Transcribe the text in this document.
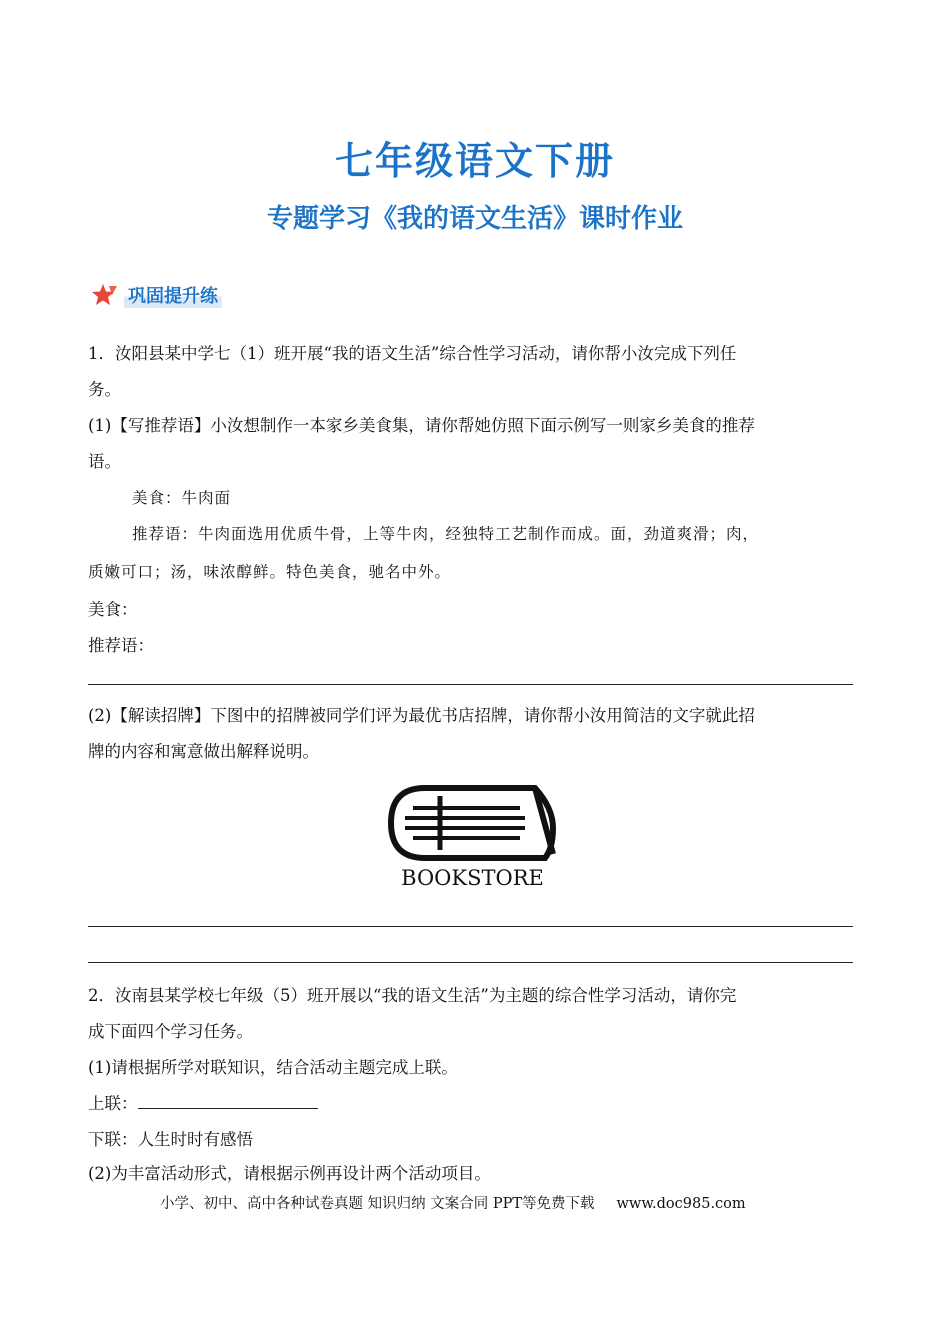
七年级语文下册
专题学习《我的语文生活》课时作业
巩固提升练
1．汝阳县某中学七（1）班开展“我的语文生活”综合性学习活动，请你帮小汝完成下列任
务。
(1)【写推荐语】小汝想制作一本家乡美食集，请你帮她仿照下面示例写一则家乡美食的推荐
语。
美食：牛肉面
推荐语：牛肉面选用优质牛骨，上等牛肉，经独特工艺制作而成。面，劲道爽滑；肉，
质嫩可口；汤，味浓醇鲜。特色美食，驰名中外。
美食：
推荐语：
(2)【解读招牌】下图中的招牌被同学们评为最优书店招牌，请你帮小汝用简洁的文字就此招
牌的内容和寓意做出解释说明。
BOOKSTORE
2．汝南县某学校七年级（5）班开展以“我的语文生活”为主题的综合性学习活动，请你完
成下面四个学习任务。
(1)请根据所学对联知识，结合活动主题完成上联。
上联：
下联：人生时时有感悟
(2)为丰富活动形式，请根据示例再设计两个活动项目。
小学、初中、高中各种试卷真题 知识归纳 文案合同 PPT等免费下载 www.doc985.com
